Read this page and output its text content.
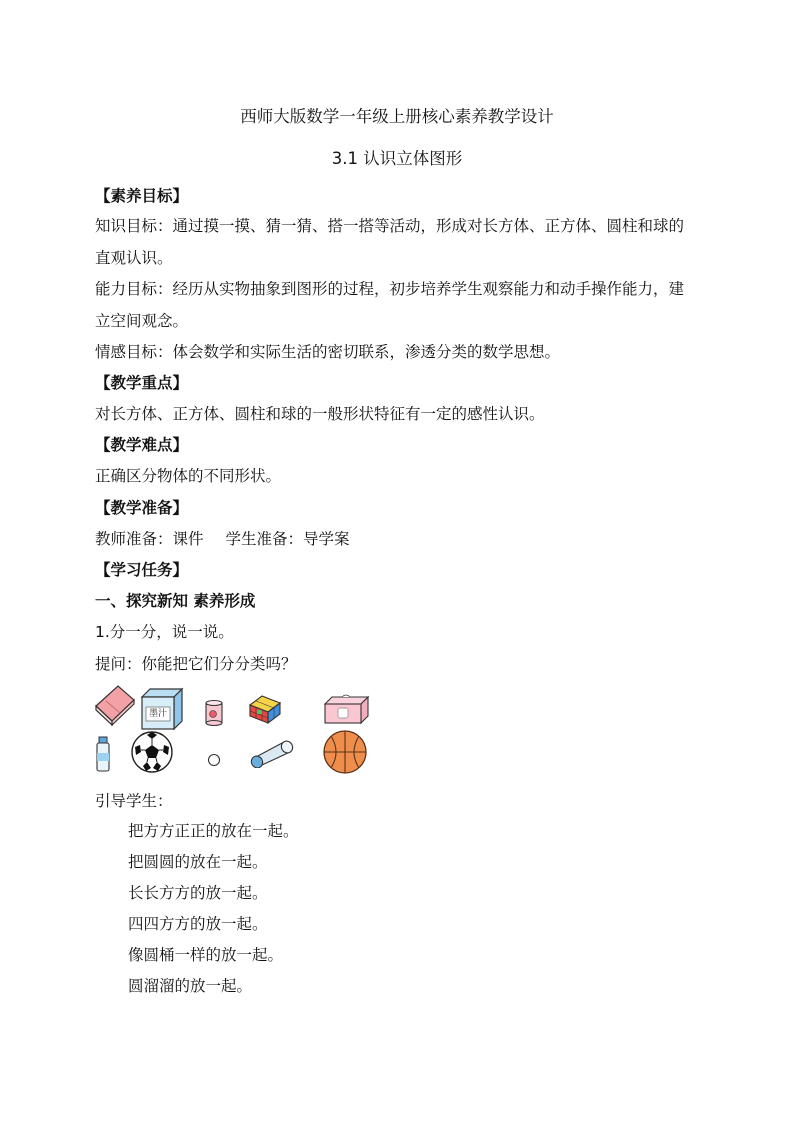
西师大版数学一年级上册核心素养教学设计
3.1 认识立体图形
【素养目标】
知识目标：通过摸一摸、猜一猜、搭一搭等活动，形成对长方体、正方体、圆柱和球的
直观认识。
能力目标：经历从实物抽象到图形的过程，初步培养学生观察能力和动手操作能力，建
立空间观念。
情感目标：体会数学和实际生活的密切联系，渗透分类的数学思想。
【教学重点】
对长方体、正方体、圆柱和球的一般形状特征有一定的感性认识。
【教学难点】
正确区分物体的不同形状。
【教学准备】
教师准备：课件 学生准备：导学案
【学习任务】
一、探究新知 素养形成
1.分一分，说一说。
提问：你能把它们分分类吗？
墨汁
引导学生：
把方方正正的放在一起。
把圆圆的放在一起。
长长方方的放一起。
四四方方的放一起。
像圆桶一样的放一起。
圆溜溜的放一起。
